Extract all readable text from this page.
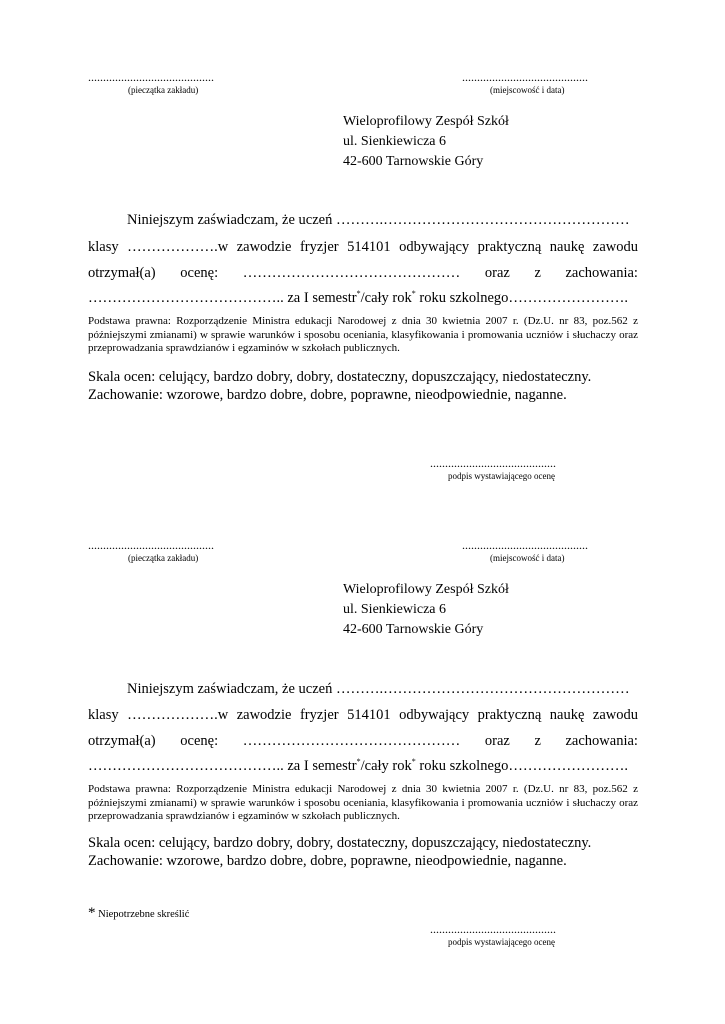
..........................................
(pieczątka zakładu)
..........................................
(miejscowość i data)
Wieloprofilowy Zespół Szkół
ul. Sienkiewicza 6
42-600 Tarnowskie Góry
Niniejszym zaświadczam, że uczeń ……….……………………………………………
klasy ……………….w zawodzie fryzjer 514101 odbywający praktyczną naukę zawodu
otrzymał(a) ocenę: ……………………………………… oraz z zachowania:
………………………………….. za I semestr*/cały rok* roku szkolnego…………………….
Podstawa prawna: Rozporządzenie Ministra edukacji Narodowej z dnia 30 kwietnia 2007 r. (Dz.U. nr 83, poz.562 z późniejszymi zmianami) w sprawie warunków i sposobu oceniania, klasyfikowania i promowania uczniów i słuchaczy oraz przeprowadzania sprawdzianów i egzaminów w szkołach publicznych.
Skala ocen: celujący, bardzo dobry, dobry, dostateczny, dopuszczający, niedostateczny.
Zachowanie: wzorowe, bardzo dobre, dobre, poprawne, nieodpowiednie, naganne.
..........................................
podpis wystawiającego ocenę
..........................................
(pieczątka zakładu)
..........................................
(miejscowość i data)
Wieloprofilowy Zespół Szkół
ul. Sienkiewicza 6
42-600 Tarnowskie Góry
Niniejszym zaświadczam, że uczeń ……….……………………………………………
klasy ……………….w zawodzie fryzjer 514101 odbywający praktyczną naukę zawodu
otrzymał(a) ocenę: ……………………………………… oraz z zachowania:
………………………………….. za I semestr*/cały rok* roku szkolnego…………………….
Podstawa prawna: Rozporządzenie Ministra edukacji Narodowej z dnia 30 kwietnia 2007 r. (Dz.U. nr 83, poz.562 z późniejszymi zmianami) w sprawie warunków i sposobu oceniania, klasyfikowania i promowania uczniów i słuchaczy oraz przeprowadzania sprawdzianów i egzaminów w szkołach publicznych.
Skala ocen: celujący, bardzo dobry, dobry, dostateczny, dopuszczający, niedostateczny.
Zachowanie: wzorowe, bardzo dobre, dobre, poprawne, nieodpowiednie, naganne.
* Niepotrzebne skreślić
..........................................
podpis wystawiającego ocenę
